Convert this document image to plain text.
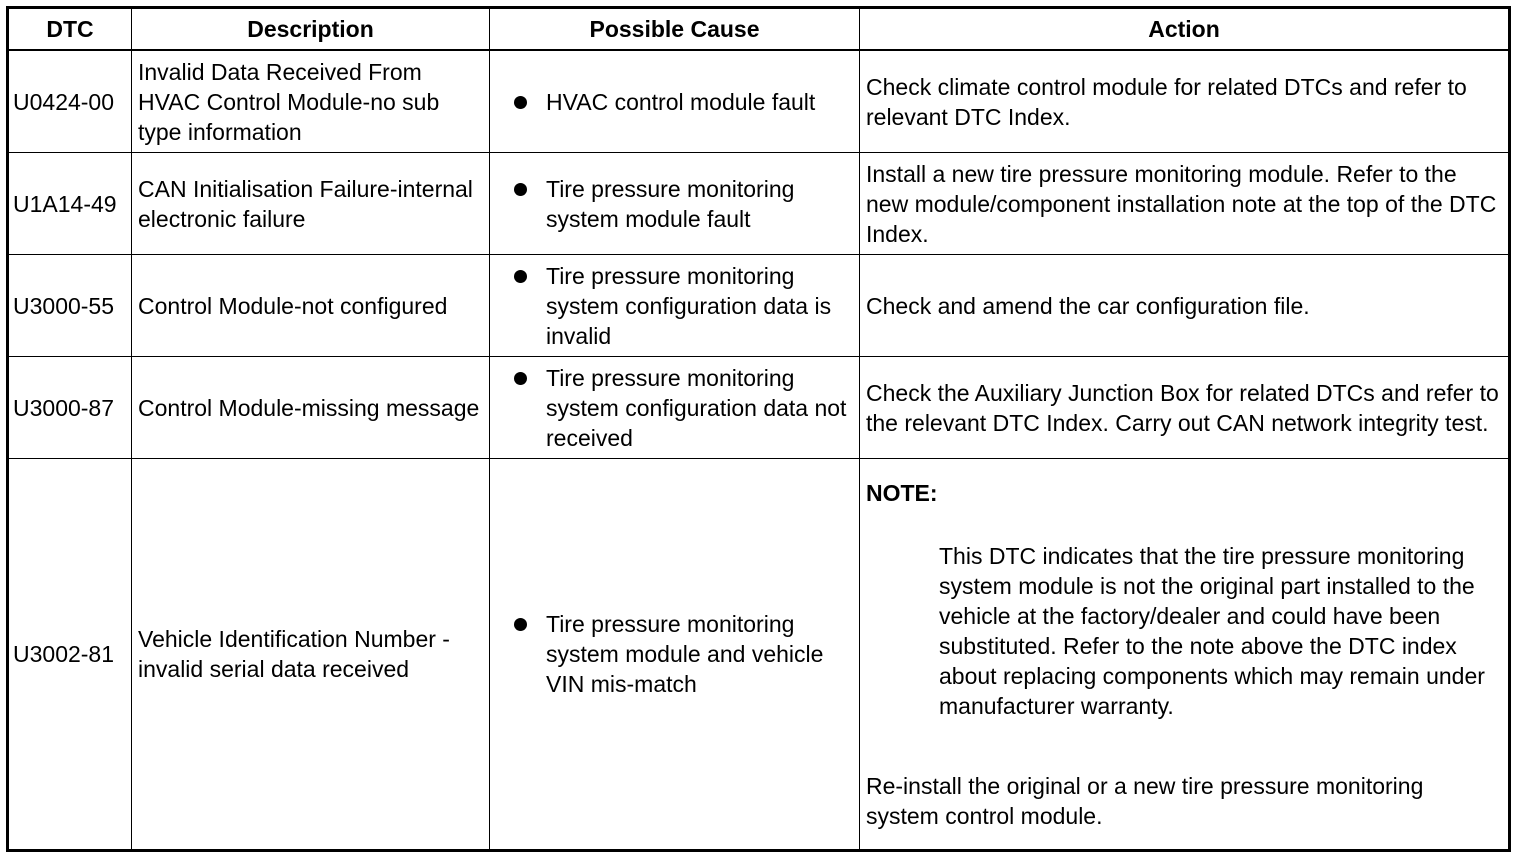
DTC	Description	Possible Cause	Action
U0424-00	Invalid Data Received From HVAC Control Module-no sub type information	HVAC control module fault	Check climate control module for related DTCs and refer to relevant DTC Index.
U1A14-49	CAN Initialisation Failure-internal electronic failure	Tire pressure monitoring system module fault	Install a new tire pressure monitoring module. Refer to the new module/component installation note at the top of the DTC Index.
U3000-55	Control Module-not configured	Tire pressure monitoring system configuration data is invalid	Check and amend the car configuration file.
U3000-87	Control Module-missing message	Tire pressure monitoring system configuration data not received	Check the Auxiliary Junction Box for related DTCs and refer to the relevant DTC Index. Carry out CAN network integrity test.
U3002-81	Vehicle Identification Number - invalid serial data received	Tire pressure monitoring system module and vehicle VIN mis-match	NOTE:
This DTC indicates that the tire pressure monitoring system module is not the original part installed to the vehicle at the factory/dealer and could have been substituted. Refer to the note above the DTC index about replacing components which may remain under manufacturer warranty.
Re-install the original or a new tire pressure monitoring system control module.
